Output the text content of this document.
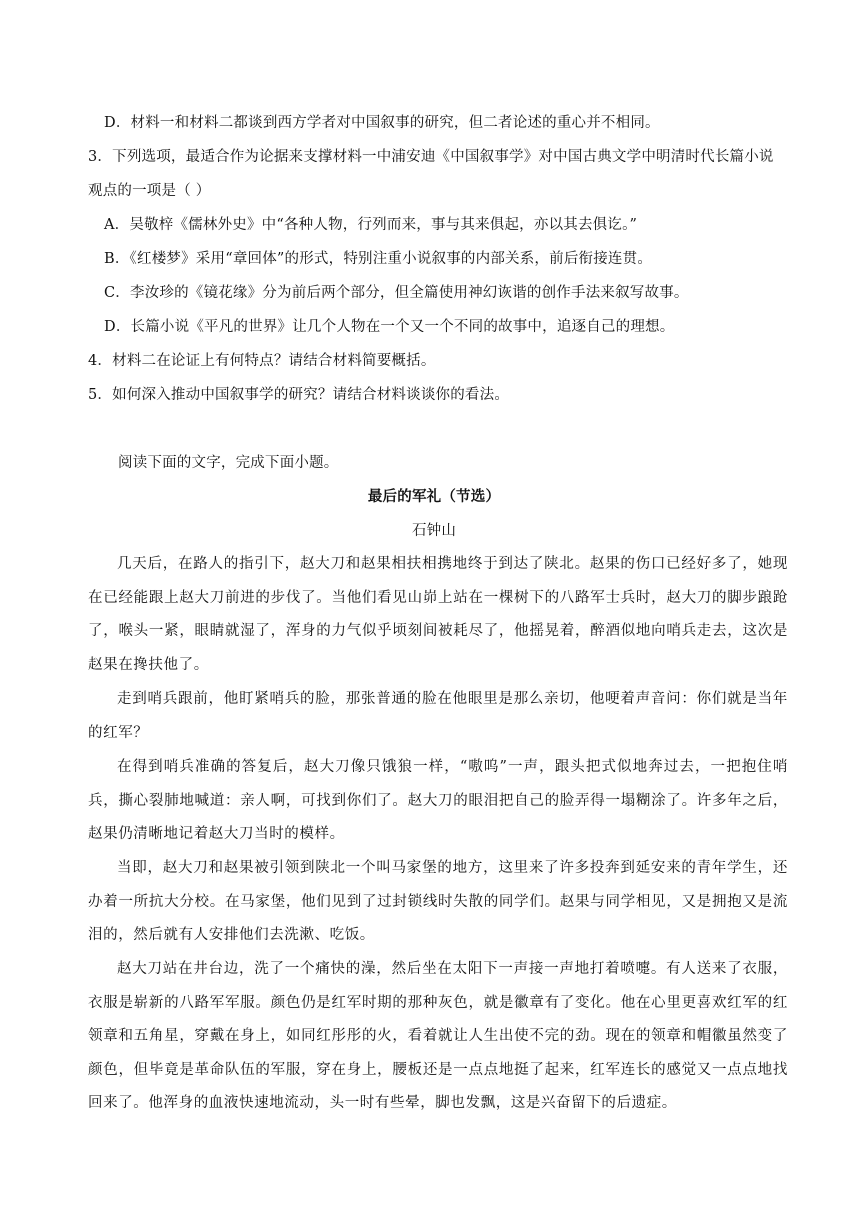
D．材料一和材料二都谈到西方学者对中国叙事的研究，但二者论述的重心并不相同。
3．下列选项，最适合作为论据来支撑材料一中浦安迪《中国叙事学》对中国古典文学中明清时代长篇小说
观点的一项是（ ）
A．吴敬梓《儒林外史》中“各种人物，行列而来，事与其来俱起，亦以其去俱讫。”
B．《红楼梦》采用“章回体”的形式，特别注重小说叙事的内部关系，前后衔接连贯。
C．李汝珍的《镜花缘》分为前后两个部分，但全篇使用神幻诙谐的创作手法来叙写故事。
D．长篇小说《平凡的世界》让几个人物在一个又一个不同的故事中，追逐自己的理想。
4．材料二在论证上有何特点？请结合材料简要概括。
5．如何深入推动中国叙事学的研究？请结合材料谈谈你的看法。
阅读下面的文字，完成下面小题。
最后的军礼（节选）
石钟山

几天后，在路人的指引下，赵大刀和赵果相扶相携地终于到达了陕北。赵果的伤口已经好多了，她现在已经能跟上赵大刀前进的步伐了。当他们看见山峁上站在一棵树下的八路军士兵时，赵大刀的脚步踉跄了，喉头一紧，眼睛就湿了，浑身的力气似乎顷刻间被耗尽了，他摇晃着，醉酒似地向哨兵走去，这次是赵果在搀扶他了。

走到哨兵跟前，他盯紧哨兵的脸，那张普通的脸在他眼里是那么亲切，他哽着声音问：你们就是当年的红军？

在得到哨兵准确的答复后，赵大刀像只饿狼一样，“嗷呜”一声，跟头把式似地奔过去，一把抱住哨兵，撕心裂肺地喊道：亲人啊，可找到你们了。赵大刀的眼泪把自己的脸弄得一塌糊涂了。许多年之后，赵果仍清晰地记着赵大刀当时的模样。

当即，赵大刀和赵果被引领到陕北一个叫马家堡的地方，这里来了许多投奔到延安来的青年学生，还办着一所抗大分校。在马家堡，他们见到了过封锁线时失散的同学们。赵果与同学相见，又是拥抱又是流泪的，然后就有人安排他们去洗漱、吃饭。

赵大刀站在井台边，洗了一个痛快的澡，然后坐在太阳下一声接一声地打着喷嚏。有人送来了衣服，衣服是崭新的八路军军服。颜色仍是红军时期的那种灰色，就是徽章有了变化。他在心里更喜欢红军的红领章和五角星，穿戴在身上，如同红彤彤的火，看着就让人生出使不完的劲。现在的领章和帽徽虽然变了颜色，但毕竟是革命队伍的军服，穿在身上，腰板还是一点点地挺了起来，红军连长的感觉又一点点地找回来了。他浑身的血液快速地流动，头一时有些晕，脚也发飘，这是兴奋留下的后遗症。
